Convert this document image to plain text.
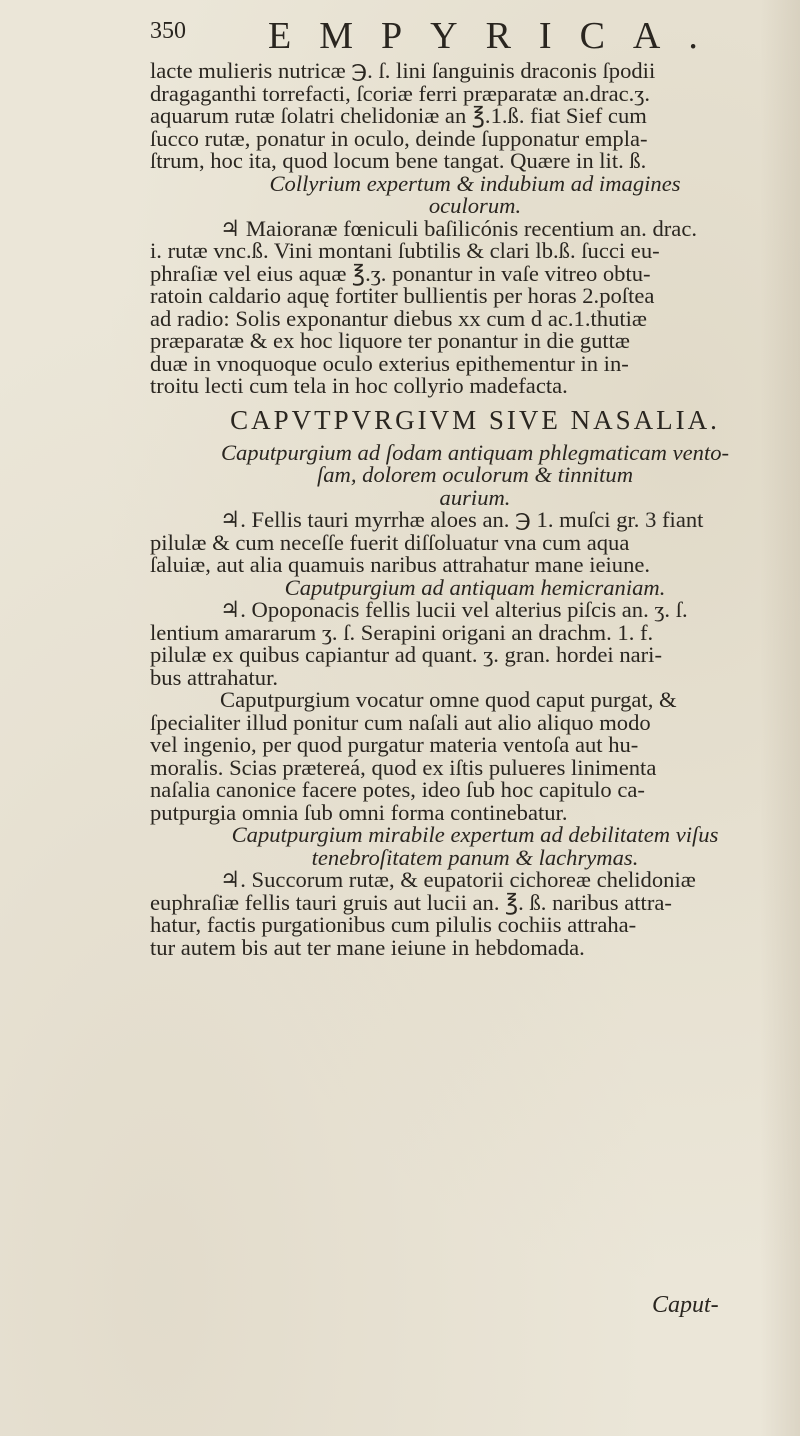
350 EMPYRICA.
lacte mulieris nutricæ ℈. ſ. lini ſanguinis draconis ſpodii
dragaganthi torrefacti, ſcoriæ ferri præparatæ an.drac.ʒ.
aquarum rutæ ſolatri chelidoniæ an ℥.1.ß. fiat Sief cum
ſucco rutæ, ponatur in oculo, deinde ſupponatur empla-
ſtrum, hoc ita, quod locum bene tangat. Quære in lit. ß.
Collyrium expertum & indubium ad imagines
oculorum.
♃ Maioranæ fœniculi baſilicónis recentium an. drac.
i. rutæ vnc.ß. Vini montani ſubtilis & clari lb.ß. ſucci eu-
phraſiæ vel eius aquæ ℥.ʒ. ponantur in vaſe vitreo obtu-
ratoin caldario aquę fortiter bullientis per horas 2.poſtea
ad radio: Solis exponantur diebus xx cum d ac.1.thutiæ
præparatæ & ex hoc liquore ter ponantur in die guttæ
duæ in vnoquoque oculo exterius epithementur in in-
troitu lecti cum tela in hoc collyrio madefacta.
CAPVTPVRGIVM SIVE NASALIA.
Caputpurgium ad ſodam antiquam phlegmaticam vento-
ſam, dolorem oculorum & tinnitum
aurium.
♃. Fellis tauri myrrhæ aloes an. ℈ 1. muſci gr. 3 fiant
pilulæ & cum neceſſe fuerit diſſoluatur vna cum aqua
ſaluiæ, aut alia quamuis naribus attrahatur mane ieiune.
Caputpurgium ad antiquam hemicraniam.
♃. Opoponacis fellis lucii vel alterius piſcis an. ʒ. ſ.
lentium amararum ʒ. ſ. Serapini origani an drachm. 1. f.
pilulæ ex quibus capiantur ad quant. ʒ. gran. hordei nari-
bus attrahatur.
Caputpurgium vocatur omne quod caput purgat, &
ſpecialiter illud ponitur cum naſali aut alio aliquo modo
vel ingenio, per quod purgatur materia ventoſa aut hu-
moralis. Scias prætereá, quod ex iſtis pulueres linimenta
naſalia canonice facere potes, ideo ſub hoc capitulo ca-
putpurgia omnia ſub omni forma continebatur.
Caputpurgium mirabile expertum ad debilitatem viſus
tenebroſitatem panum & lachrymas.
♃. Succorum rutæ, & eupatorii cichoreæ chelidoniæ
euphraſiæ fellis tauri gruis aut lucii an. ℥. ß. naribus attra-
hatur, factis purgationibus cum pilulis cochiis attraha-
tur autem bis aut ter mane ieiune in hebdomada.
Caput-
